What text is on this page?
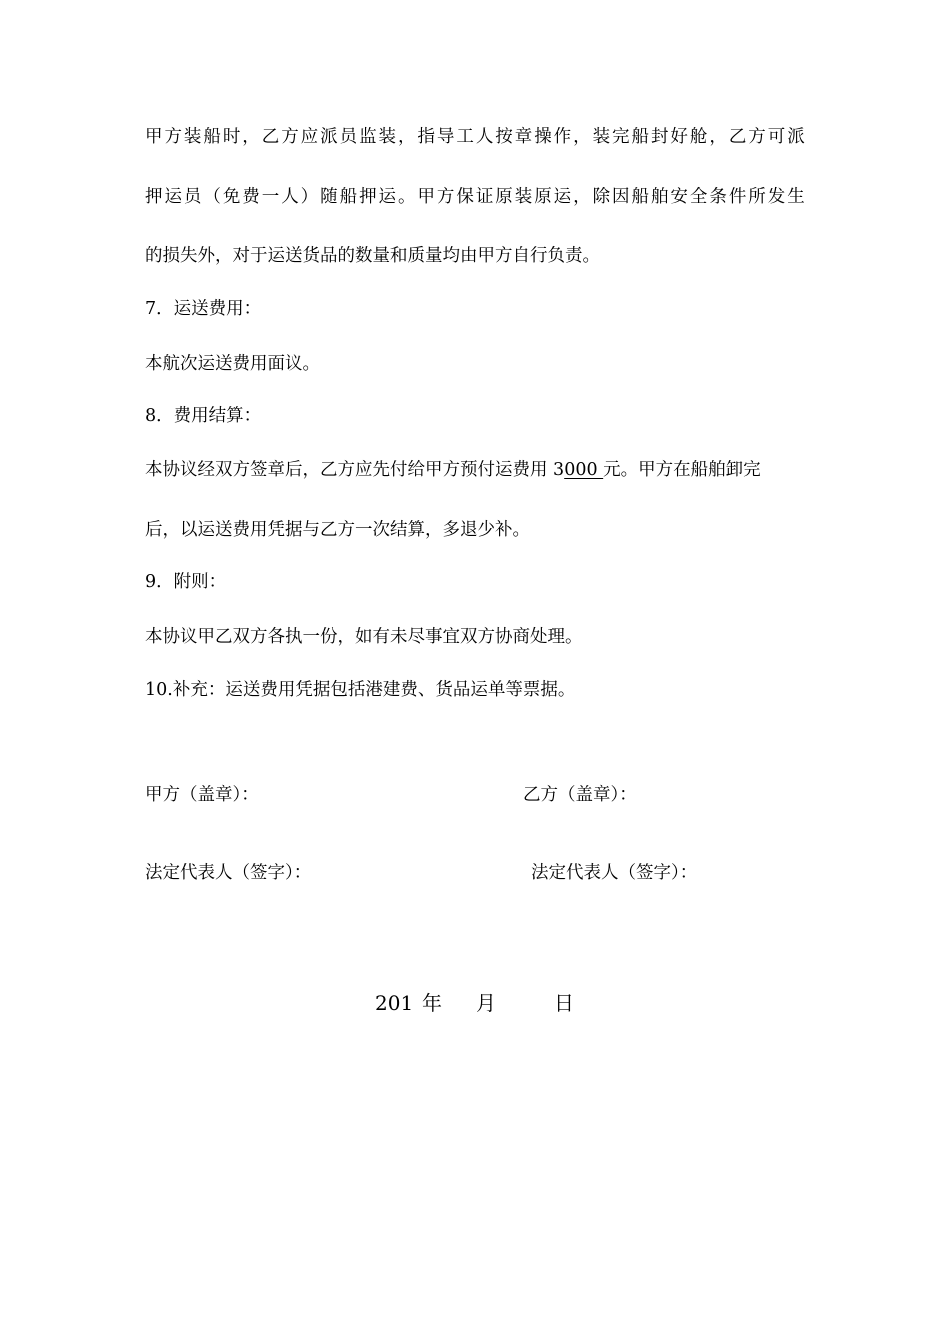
甲方装船时，乙方应派员监装，指导工人按章操作，装完船封好舱，乙方可派
押运员（免费一人）随船押运。甲方保证原装原运，除因船舶安全条件所发生
的损失外，对于运送货品的数量和质量均由甲方自行负责。
7．运送费用：
本航次运送费用面议。
8．费用结算：
本协议经双方签章后，乙方应先付给甲方预付运费用 3000 元。甲方在船舶卸完
后，以运送费用凭据与乙方一次结算，多退少补。
9．附则：
本协议甲乙双方各执一份，如有未尽事宜双方协商处理。
10.补充：运送费用凭据包括港建费、货品运单等票据。
甲方（盖章）：	乙方（盖章）：
法定代表人（签字）：	法定代表人（签字）：
201 年 月	日
